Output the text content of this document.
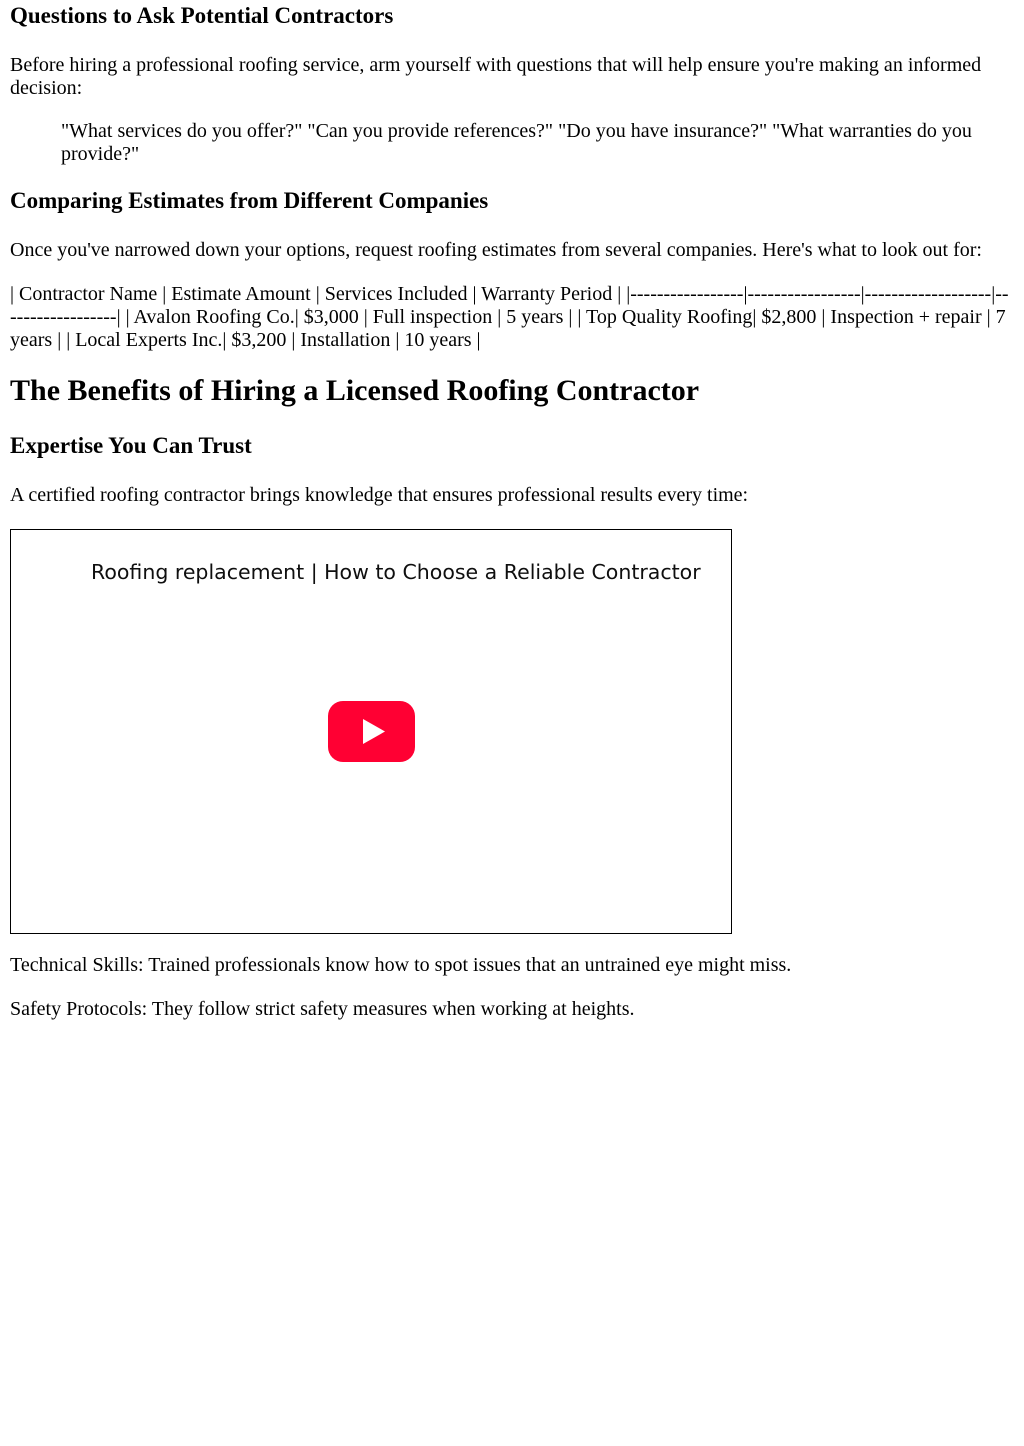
Questions to Ask Potential Contractors

Before hiring a professional roofing service, arm yourself with questions that will help ensure you're making an informed decision:

"What services do you offer?" "Can you provide references?" "Do you have insurance?" "What warranties do you provide?"
Comparing Estimates from Different Companies

Once you've narrowed down your options, request roofing estimates from several companies. Here's what to look out for:

| Contractor Name | Estimate Amount | Services Included | Warranty Period | |-----------------|-----------------|-------------------|------------------| | Avalon Roofing Co.| $3,000 | Full inspection | 5 years | | Top Quality Roofing| $2,800 | Inspection + repair | 7 years | | Local Experts Inc.| $3,200 | Installation | 10 years |

The Benefits of Hiring a Licensed Roofing Contractor
Expertise You Can Trust

A certified roofing contractor brings knowledge that ensures professional results every time:

Roofing replacement | How to Choose a Reliable Contractor

Technical Skills: Trained professionals know how to spot issues that an untrained eye might miss.

Safety Protocols: They follow strict safety measures when working at heights.
